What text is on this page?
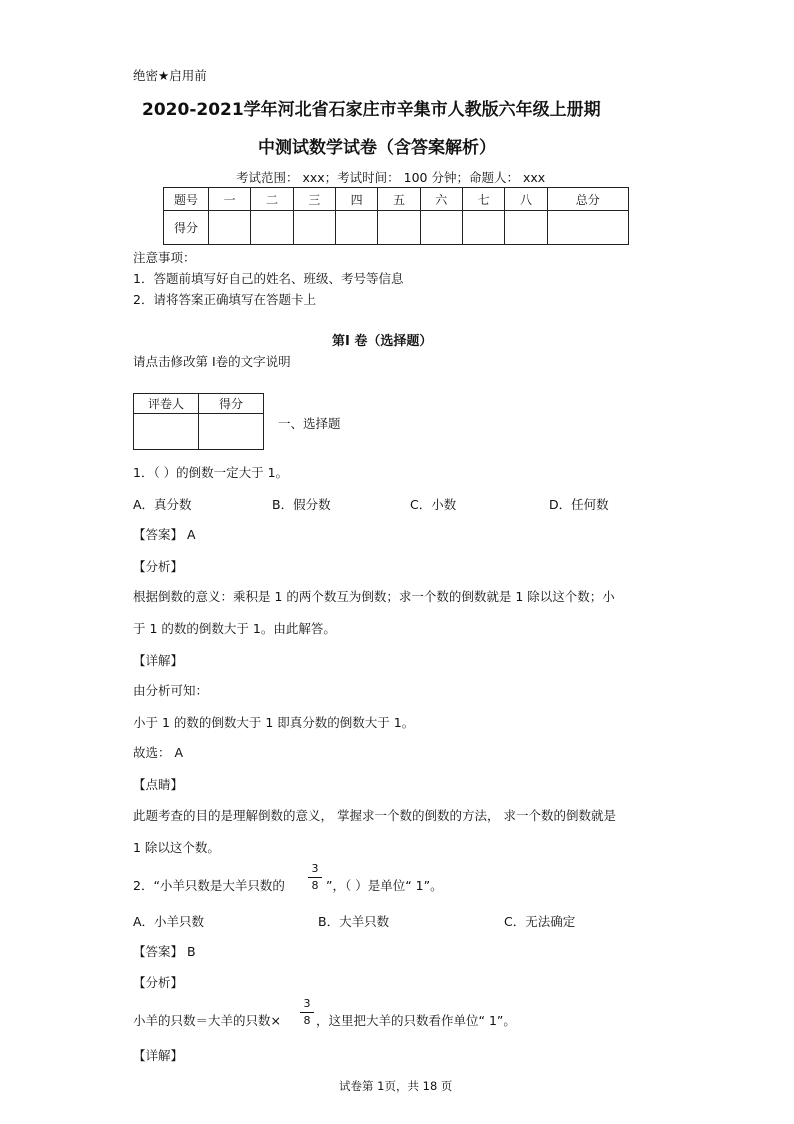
绝密★启用前
2020-2021学年河北省石家庄市辛集市人教版六年级上册期
中测试数学试卷（含答案解析）
考试范围： xxx；考试时间： 100 分钟；命题人： xxx
题号	一	二	三	四	五	六	七	八	总分
得分									
注意事项：
1．答题前填写好自己的姓名、班级、考号等信息
2．请将答案正确填写在答题卡上
第Ⅰ 卷（选择题）
请点击修改第 Ⅰ卷的文字说明
评卷人	得分

一、选择题
1．（ ）的倒数一定大于 1。
A．真分数	B．假分数	C．小数	D．任何数
【答案】 A
【分析】
根据倒数的意义：乘积是 1 的两个数互为倒数；求一个数的倒数就是 1 除以这个数；小
于 1 的数的倒数大于 1。由此解答。
【详解】
由分析可知：
小于 1 的数的倒数大于 1 即真分数的倒数大于 1。
故选： A
【点睛】
此题考查的目的是理解倒数的意义， 掌握求一个数的倒数的方法， 求一个数的倒数就是
1 除以这个数。
2．“小羊只数是大羊只数的
3
8 ”，（ ）是单位“ 1”。
A．小羊只数	B．大羊只数	C．无法确定
【答案】 B
【分析】
小羊的只数＝大羊的只数×
3
8 ，这里把大羊的只数看作单位“ 1”。
【详解】
试卷第 1页，共 18 页
